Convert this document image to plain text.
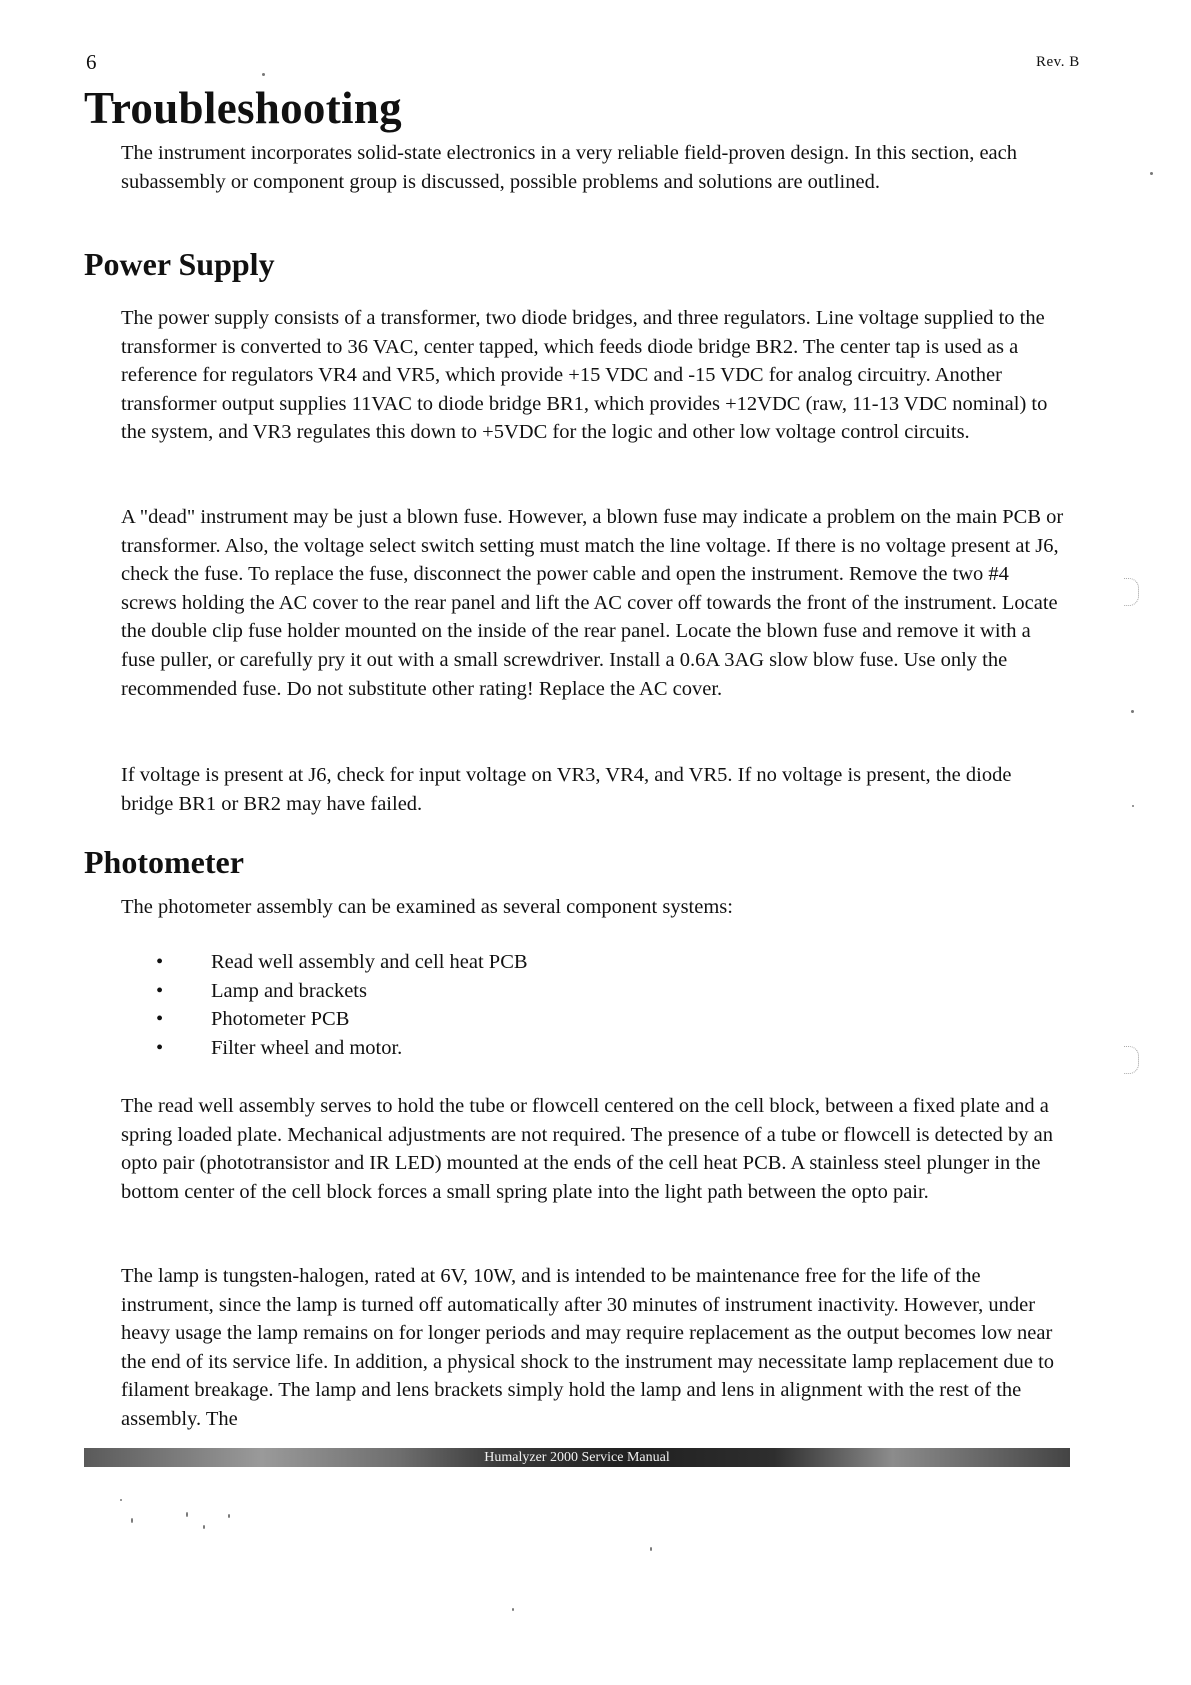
6	Rev. B
Troubleshooting

The instrument incorporates solid-state electronics in a very reliable field-proven design. In this section, each subassembly or component group is discussed, possible problems and solutions are outlined.

Power Supply

The power supply consists of a transformer, two diode bridges, and three regulators. Line voltage supplied to the transformer is converted to 36 VAC, center tapped, which feeds diode bridge BR2. The center tap is used as a reference for regulators VR4 and VR5, which provide +15 VDC and -15 VDC for analog circuitry. Another transformer output supplies 11VAC to diode bridge BR1, which provides +12VDC (raw, 11-13 VDC nominal) to the system, and VR3 regulates this down to +5VDC for the logic and other low voltage control circuits.

A "dead" instrument may be just a blown fuse. However, a blown fuse may indicate a problem on the main PCB or transformer. Also, the voltage select switch setting must match the line voltage. If there is no voltage present at J6, check the fuse. To replace the fuse, disconnect the power cable and open the instrument. Remove the two #4 screws holding the AC cover to the rear panel and lift the AC cover off towards the front of the instrument. Locate the double clip fuse holder mounted on the inside of the rear panel. Locate the blown fuse and remove it with a fuse puller, or carefully pry it out with a small screwdriver. Install a 0.6A 3AG slow blow fuse. Use only the recommended fuse. Do not substitute other rating! Replace the AC cover.

If voltage is present at J6, check for input voltage on VR3, VR4, and VR5. If no voltage is present, the diode bridge BR1 or BR2 may have failed.

Photometer

The photometer assembly can be examined as several component systems:

• Read well assembly and cell heat PCB
• Lamp and brackets
• Photometer PCB
• Filter wheel and motor.

The read well assembly serves to hold the tube or flowcell centered on the cell block, between a fixed plate and a spring loaded plate. Mechanical adjustments are not required. The presence of a tube or flowcell is detected by an opto pair (phototransistor and IR LED) mounted at the ends of the cell heat PCB. A stainless steel plunger in the bottom center of the cell block forces a small spring plate into the light path between the opto pair.

The lamp is tungsten-halogen, rated at 6V, 10W, and is intended to be maintenance free for the life of the instrument, since the lamp is turned off automatically after 30 minutes of instrument inactivity. However, under heavy usage the lamp remains on for longer periods and may require replacement as the output becomes low near the end of its service life. In addition, a physical shock to the instrument may necessitate lamp replacement due to filament breakage. The lamp and lens brackets simply hold the lamp and lens in alignment with the rest of the assembly. The

Humalyzer 2000 Service Manual
